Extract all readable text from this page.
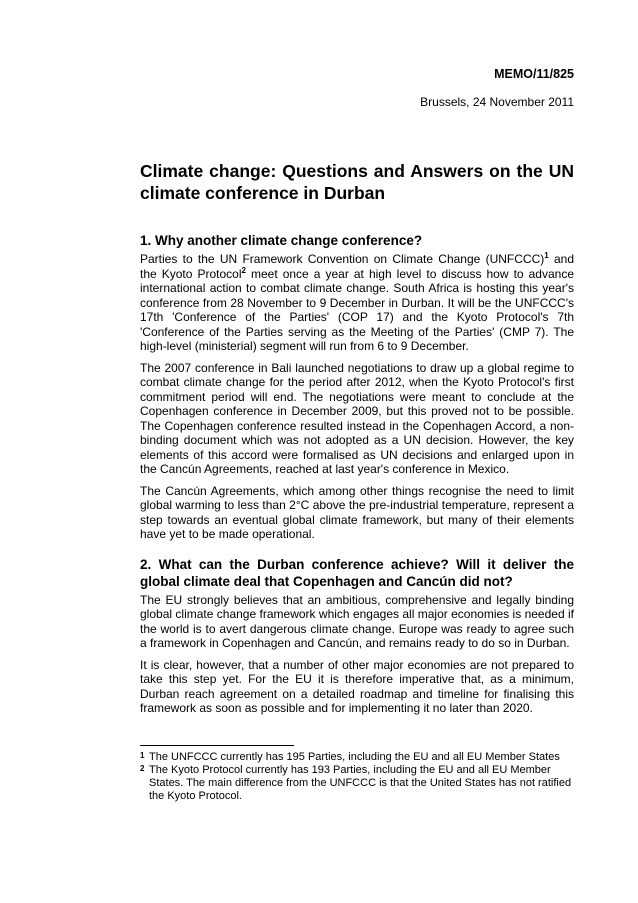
MEMO/11/825
Brussels, 24 November 2011
Climate change: Questions and Answers on the UN climate conference in Durban
1. Why another climate change conference?

Parties to the UN Framework Convention on Climate Change (UNFCCC)$^1$ and the Kyoto Protocol$^2$ meet once a year at high level to discuss how to advance international action to combat climate change. South Africa is hosting this year's conference from 28 November to 9 December in Durban. It will be the UNFCCC's 17th 'Conference of the Parties' (COP 17) and the Kyoto Protocol's 7th 'Conference of the Parties serving as the Meeting of the Parties' (CMP 7). The high-level (ministerial) segment will run from 6 to 9 December.

The 2007 conference in Bali launched negotiations to draw up a global regime to combat climate change for the period after 2012, when the Kyoto Protocol's first commitment period will end. The negotiations were meant to conclude at the Copenhagen conference in December 2009, but this proved not to be possible. The Copenhagen conference resulted instead in the Copenhagen Accord, a non-binding document which was not adopted as a UN decision. However, the key elements of this accord were formalised as UN decisions and enlarged upon in the Cancún Agreements, reached at last year's conference in Mexico.

The Cancún Agreements, which among other things recognise the need to limit global warming to less than 2°C above the pre-industrial temperature, represent a step towards an eventual global climate framework, but many of their elements have yet to be made operational.

2. What can the Durban conference achieve? Will it deliver the global climate deal that Copenhagen and Cancún did not?

The EU strongly believes that an ambitious, comprehensive and legally binding global climate change framework which engages all major economies is needed if the world is to avert dangerous climate change. Europe was ready to agree such a framework in Copenhagen and Cancún, and remains ready to do so in Durban.

It is clear, however, that a number of other major economies are not prepared to take this step yet. For the EU it is therefore imperative that, as a minimum, Durban reach agreement on a detailed roadmap and timeline for finalising this framework as soon as possible and for implementing it no later than 2020.

1 The UNFCCC currently has 195 Parties, including the EU and all EU Member States
2 The Kyoto Protocol currently has 193 Parties, including the EU and all EU Member States. The main difference from the UNFCCC is that the United States has not ratified the Kyoto Protocol.
